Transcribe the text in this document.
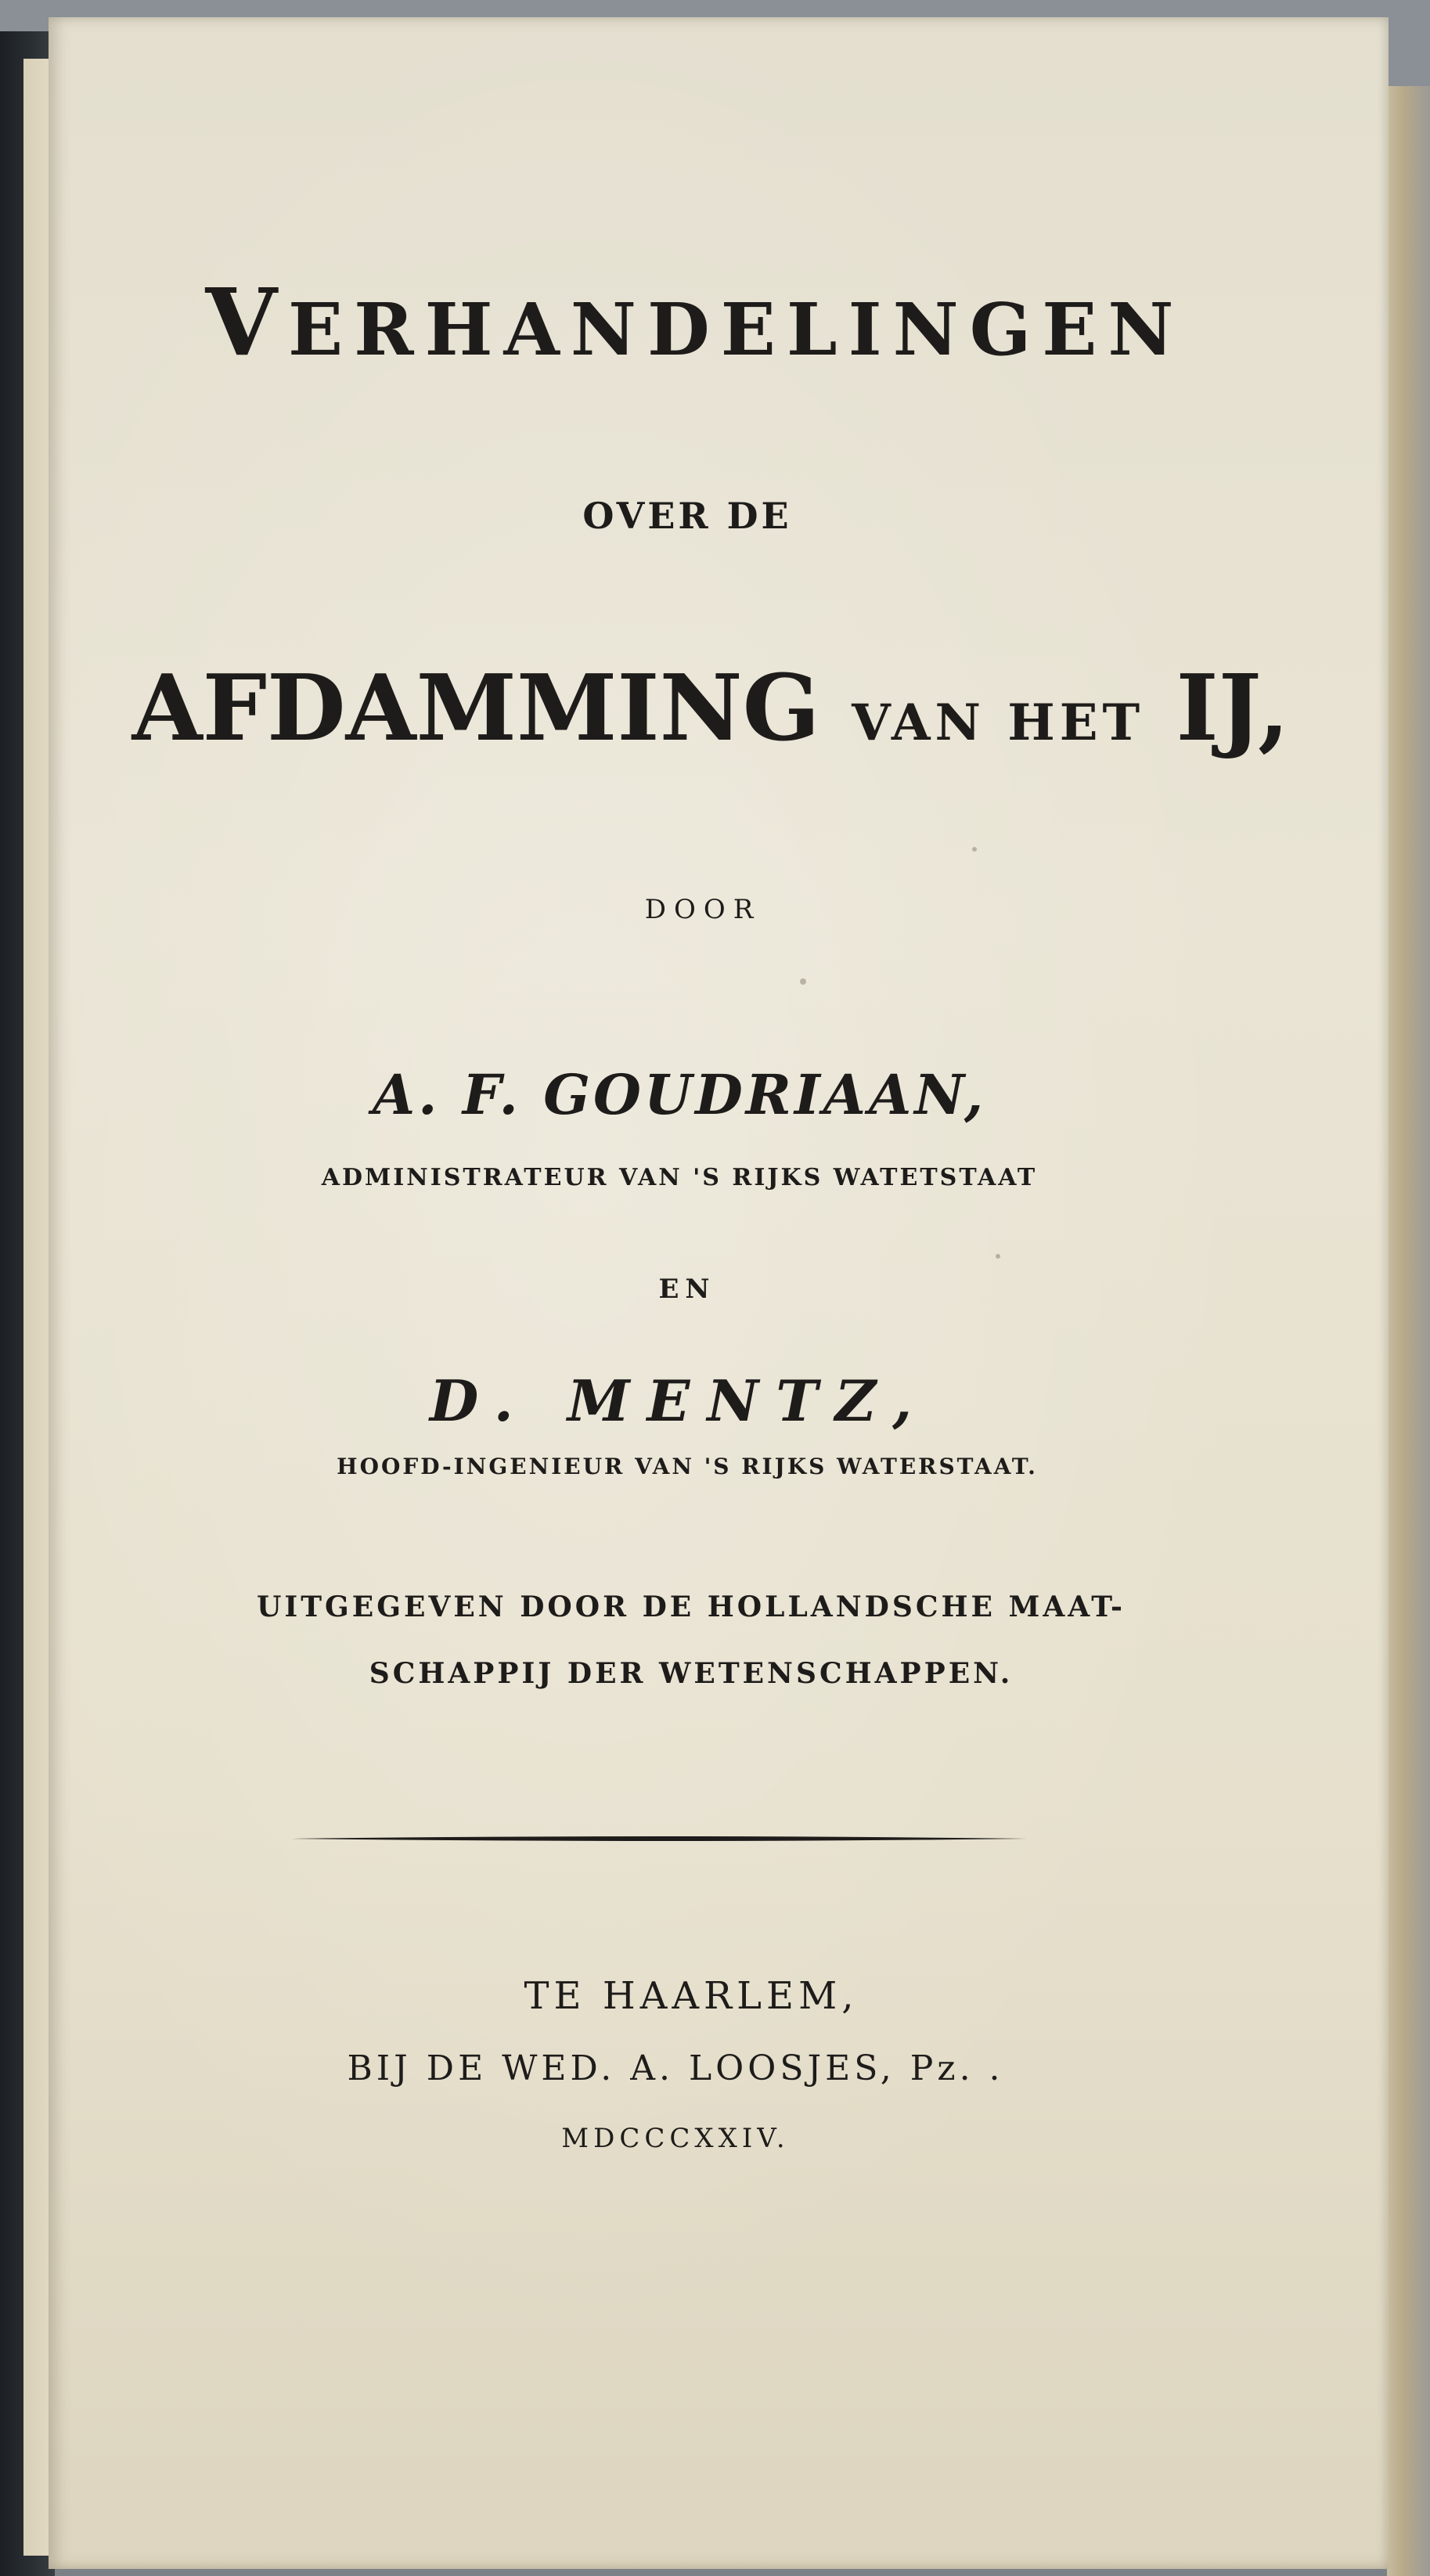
VERHANDELINGEN
OVER DE
AFDAMMING VAN HET IJ,
DOOR
A. F. GOUDRIAAN,
ADMINISTRATEUR VAN 'S RIJKS WATETSTAAT
EN
D. MENTZ,
HOOFD-INGENIEUR VAN 'S RIJKS WATERSTAAT.
UITGEGEVEN DOOR DE HOLLANDSCHE MAAT-
SCHAPPIJ DER WETENSCHAPPEN.
TE HAARLEM,
BIJ DE WED. A. LOOSJES, Pz. .
MDCCCXXIV.
